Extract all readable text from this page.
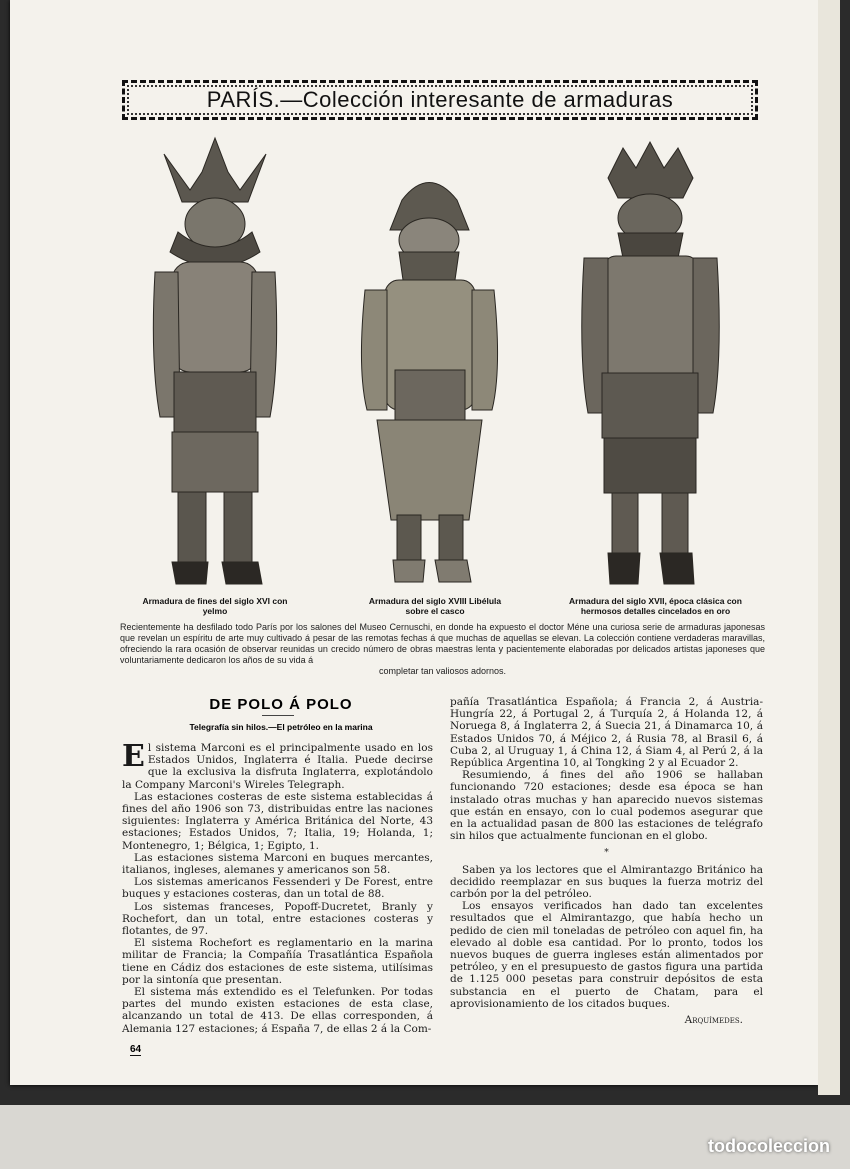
todocoleccion
PARÍS.—Colección interesante de armaduras
Armadura de fines del siglo XVI con yelmo
Armadura del siglo XVIII Libélula sobre el casco
Armadura del siglo XVII, época clásica con hermosos detalles cincelados en oro
Recientemente ha desfilado todo París por los salones del Museo Cernuschi, en donde ha expuesto el doctor Méne una curiosa serie de armaduras japonesas que revelan un espíritu de arte muy cultivado á pesar de las remotas fechas á que muchas de aquellas se elevan. La colección contiene verdaderas maravillas, ofreciendo la rara ocasión de observar reunidas un crecido número de obras maestras lenta y pacientemente elaboradas por delicados artistas japoneses que voluntariamente dedicaron los años de su vida á
completar tan valiosos adornos.
DE POLO Á POLO
Telegrafía sin hilos.—El petróleo en la marina

El sistema Marconi es el principalmente usado en los Estados Unidos, Inglaterra é Italia. Puede decirse que la exclusiva la disfruta Inglaterra, explotándolo la Company Marconi's Wireles Telegraph.

Las estaciones costeras de este sistema establecidas á fines del año 1906 son 73, distribuidas entre las naciones siguientes: Inglaterra y América Británica del Norte, 43 estaciones; Estados Unidos, 7; Italia, 19; Holanda, 1; Montenegro, 1; Bélgica, 1; Egipto, 1.

Las estaciones sistema Marconi en buques mercantes, italianos, ingleses, alemanes y americanos son 58.

Los sistemas americanos Fessenderi y De Forest, entre buques y estaciones costeras, dan un total de 88.

Los sistemas franceses, Popoff-Ducretet, Branly y Rochefort, dan un total, entre estaciones costeras y flotantes, de 97.

El sistema Rochefort es reglamentario en la marina militar de Francia; la Compañía Trasatlántica Española tiene en Cádiz dos estaciones de este sistema, utilísimas por la sintonía que presentan.

El sistema más extendido es el Telefunken. Por todas partes del mundo existen estaciones de esta clase, alcanzando un total de 413. De ellas corresponden, á Alemania 127 estaciones; á España 7, de ellas 2 á la Com-

pañía Trasatlántica Española; á Francia 2, á Austria-Hungría 22, á Portugal 2, á Turquía 2, á Holanda 12, á Noruega 8, á Inglaterra 2, á Suecia 21, á Dinamarca 10, á Estados Unidos 70, á Méjico 2, á Rusia 78, al Brasil 6, á Cuba 2, al Uruguay 1, á China 12, á Siam 4, al Perú 2, á la República Argentina 10, al Tongking 2 y al Ecuador 2.

Resumiendo, á fines del año 1906 se hallaban funcionando 720 estaciones; desde esa época se han instalado otras muchas y han aparecido nuevos sistemas que están en ensayo, con lo cual podemos asegurar que en la actualidad pasan de 800 las estaciones de telégrafo sin hilos que actualmente funcionan en el globo.

*

Saben ya los lectores que el Almirantazgo Británico ha decidido reemplazar en sus buques la fuerza motriz del carbón por la del petróleo.

Los ensayos verificados han dado tan excelentes resultados que el Almirantazgo, que había hecho un pedido de cien mil toneladas de petróleo con aquel fin, ha elevado al doble esa cantidad. Por lo pronto, todos los nuevos buques de guerra ingleses están alimentados por petróleo, y en el presupuesto de gastos figura una partida de 1.125 000 pesetas para construir depósitos de esta substancia en el puerto de Chatam, para el aprovisionamiento de los citados buques.

Arquímedes.
64
